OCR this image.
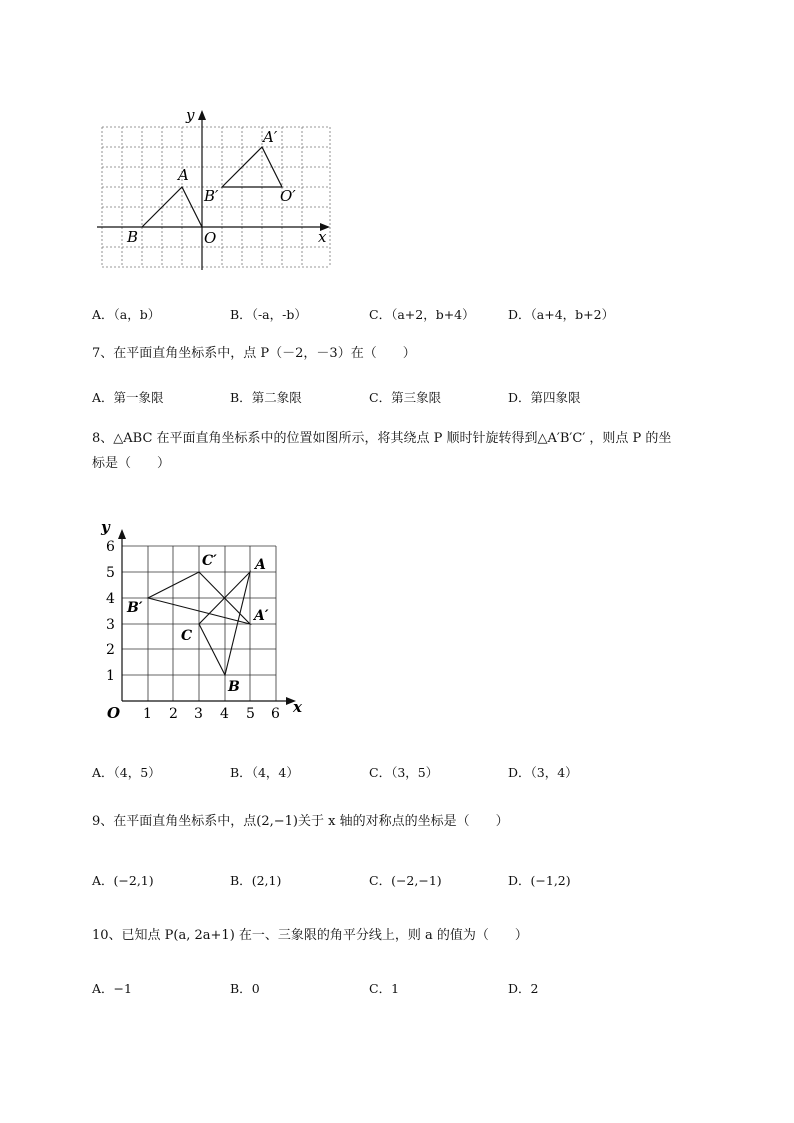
y
x
O
A
B
A′
B′	O′
A．（a，b）	B．（-a，-b）	C．（a+2，b+4）	D．（a+4，b+2）
7、在平面直角坐标系中，点 P（－2，－3）在（　　）
A．第一象限	B．第二象限	C．第三象限	D．第四象限
8、△ABC 在平面直角坐标系中的位置如图所示，将其绕点 P 顺时针旋转得到△A′B′C′ ，则点 P 的坐
标是（　　）
y
x
O 1 2 3 4 5 6
1
2
3
4
5
6
A
B
C
A′
B′
C′
A．（4，5）	B．（4，4）	C．（3，5）	D．（3，4）
9、在平面直角坐标系中，点(2,−1)关于 x 轴的对称点的坐标是（　　）
A．(−2,1)	B．(2,1)	C．(−2,−1)	D．(−1,2)
10、已知点 P(a, 2a+1) 在一、三象限的角平分线上，则 a 的值为（　　）
A．−1	B．0	C．1	D．2
